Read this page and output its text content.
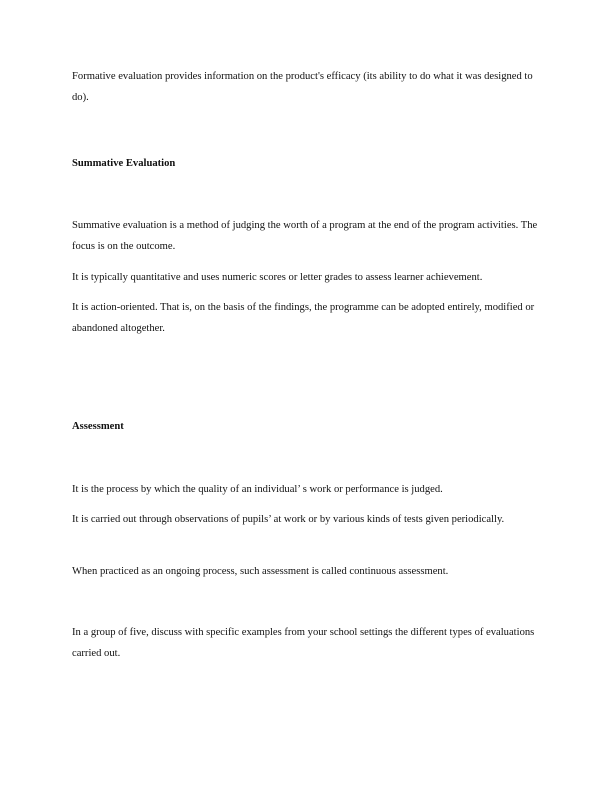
Formative evaluation provides information on the product's efficacy (its ability to do what it was designed to do).

Summative Evaluation

Summative evaluation is a method of judging the worth of a program at the end of the program activities. The focus is on the outcome.

It is typically quantitative and uses numeric scores or letter grades to assess learner achievement.

It is action-oriented. That is, on the basis of the findings, the programme can be adopted entirely, modified or abandoned altogether.

Assessment

It is the process by which the quality of an individual’ s work or performance is judged.

It is carried out through observations of pupils’ at work or by various kinds of tests given periodically.

When practiced as an ongoing process, such assessment is called continuous assessment.

In a group of five, discuss with specific examples from your school settings the different types of evaluations carried out.
